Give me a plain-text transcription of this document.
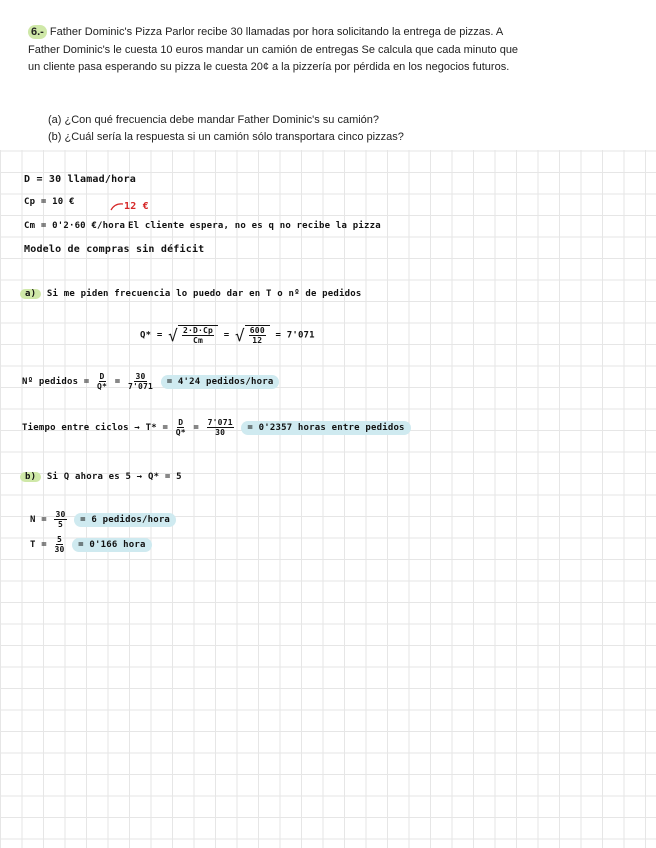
6.- Father Dominic's Pizza Parlor recibe 30 llamadas por hora solicitando la entrega de pizzas. A Father Dominic's le cuesta 10 euros mandar un camión de entregas Se calcula que cada minuto que un cliente pasa esperando su pizza le cuesta 20¢ a la pizzería por pérdida en los negocios futuros.
(a) ¿Con qué frecuencia debe mandar Father Dominic's su camión?
(b) ¿Cuál sería la respuesta si un camión sólo transportara cinco pizzas?
D = 30 llamad/hora
Cp = 10 €	12 €
Cm = 0'2·60 €/hora El cliente espera, no es q no recibe la pizza
Modelo de compras sin déficit
a) Si me piden frecuencia lo puedo dar en T o nº de pedidos
Q* = √ $\frac{2\cdot D\cdot Cp}{Cm}$ = √ $\frac{600}{12} = 7'071$
Nº pedidos = $\frac{D}{Q*} = \frac{30}{7'071} = 4'24$ pedidos/hora
Tiempo entre ciclos → $T* = \frac{D}{Q*} = \frac{7'071}{30} = 0'2357$ horas entre pedidos
b) Si Q ahora es 5 → Q* = 5
$N = \frac{30}{5} = 6$ pedidos/hora
$T = \frac{5}{30} = 0'166$ hora
